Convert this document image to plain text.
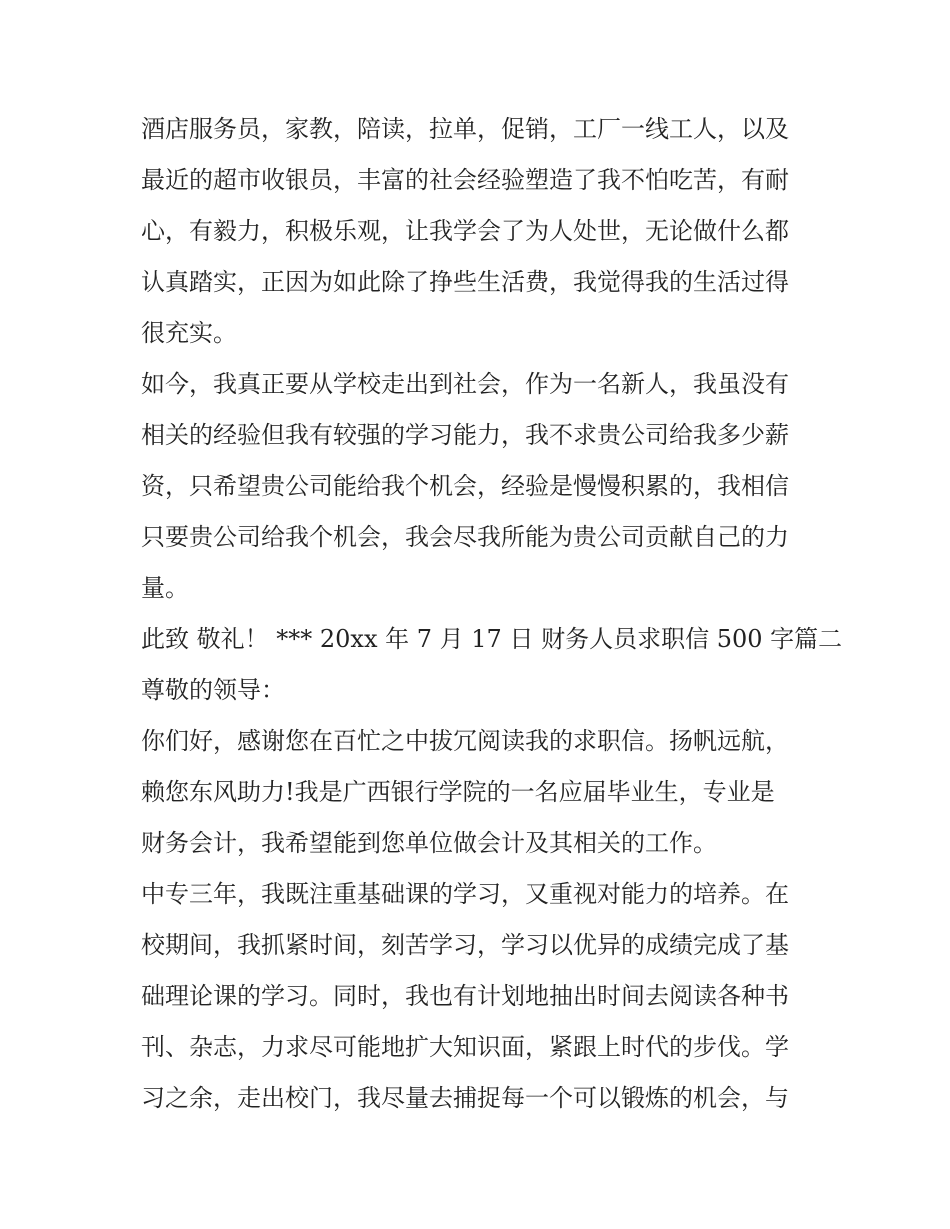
酒店服务员，家教，陪读，拉单，促销，工厂一线工人，以及
最近的超市收银员，丰富的社会经验塑造了我不怕吃苦，有耐
心，有毅力，积极乐观，让我学会了为人处世，无论做什么都
认真踏实，正因为如此除了挣些生活费，我觉得我的生活过得
很充实。
如今，我真正要从学校走出到社会，作为一名新人，我虽没有
相关的经验但我有较强的学习能力，我不求贵公司给我多少薪
资，只希望贵公司能给我个机会，经验是慢慢积累的，我相信
只要贵公司给我个机会，我会尽我所能为贵公司贡献自己的力
量。
此致 敬礼！ *** 20xx 年 7 月 17 日 财务人员求职信 500 字篇二
尊敬的领导：
你们好，感谢您在百忙之中拔冗阅读我的求职信。扬帆远航，
赖您东风助力!我是广西银行学院的一名应届毕业生，专业是
财务会计，我希望能到您单位做会计及其相关的工作。
中专三年，我既注重基础课的学习，又重视对能力的培养。在
校期间，我抓紧时间，刻苦学习，学习以优异的成绩完成了基
础理论课的学习。同时，我也有计划地抽出时间去阅读各种书
刊、杂志，力求尽可能地扩大知识面，紧跟上时代的步伐。学
习之余，走出校门，我尽量去捕捉每一个可以锻炼的机会，与
